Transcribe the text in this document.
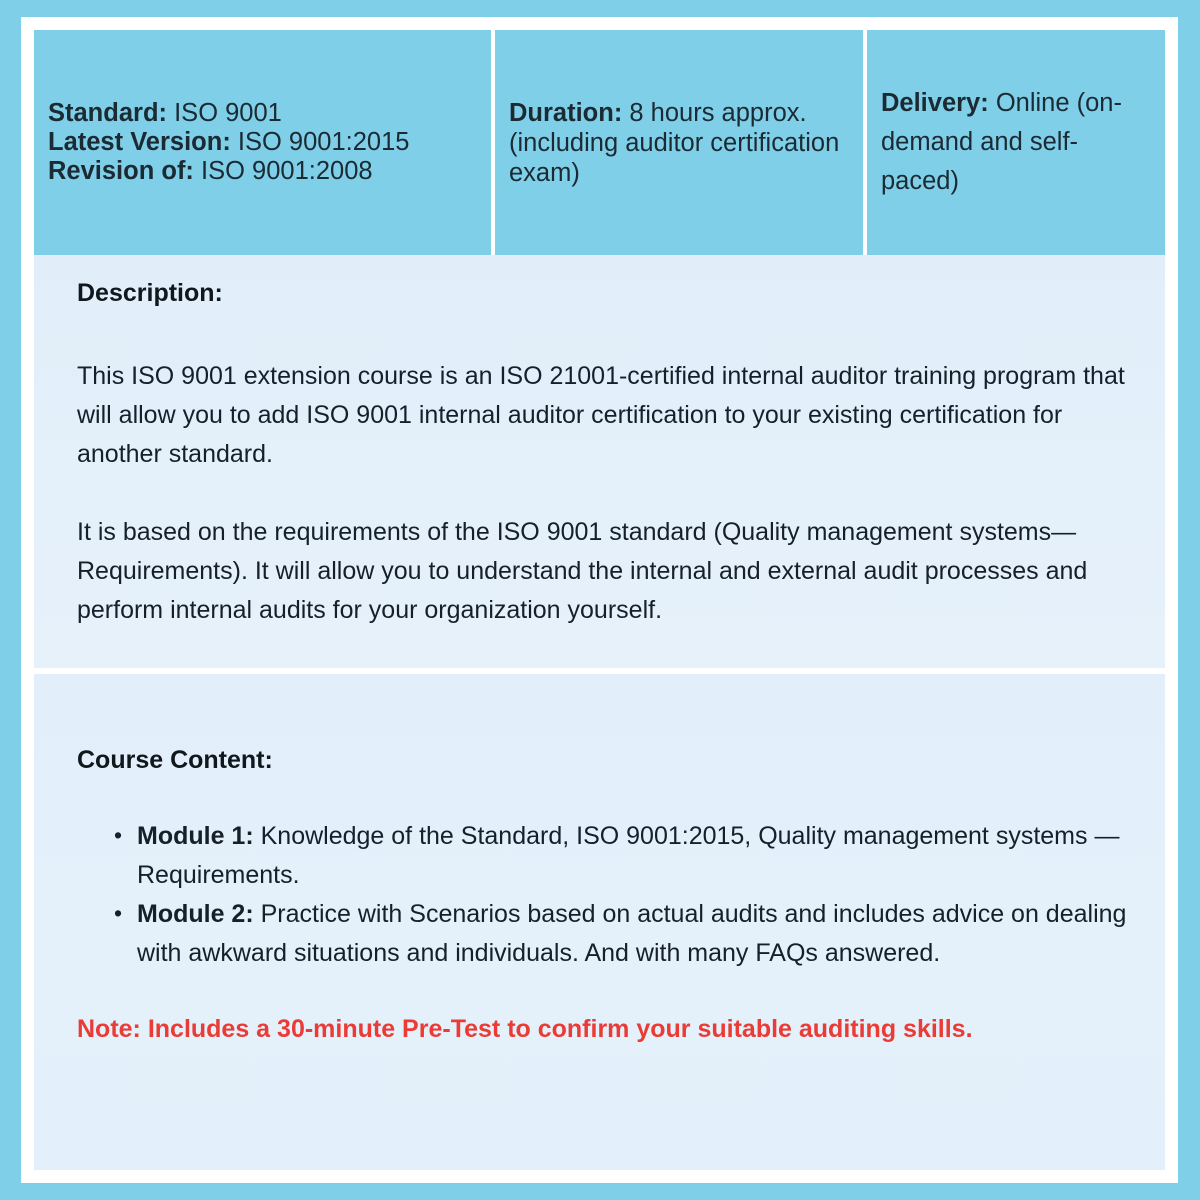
Standard: ISO 9001
Latest Version: ISO 9001:2015
Revision of: ISO 9001:2008
Duration: 8 hours approx. (including auditor certification exam)
Delivery: Online (on-demand and self-paced)
Description:

This ISO 9001 extension course is an ISO 21001-certified internal auditor training program that will allow you to add ISO 9001 internal auditor certification to your existing certification for another standard.

It is based on the requirements of the ISO 9001 standard (Quality management systems—Requirements). It will allow you to understand the internal and external audit processes and perform internal audits for your organization yourself.

Course Content:
• Module 1: Knowledge of the Standard, ISO 9001:2015, Quality management systems — Requirements.
• Module 2: Practice with Scenarios based on actual audits and includes advice on dealing with awkward situations and individuals. And with many FAQs answered.

Note: Includes a 30-minute Pre-Test to confirm your suitable auditing skills.
